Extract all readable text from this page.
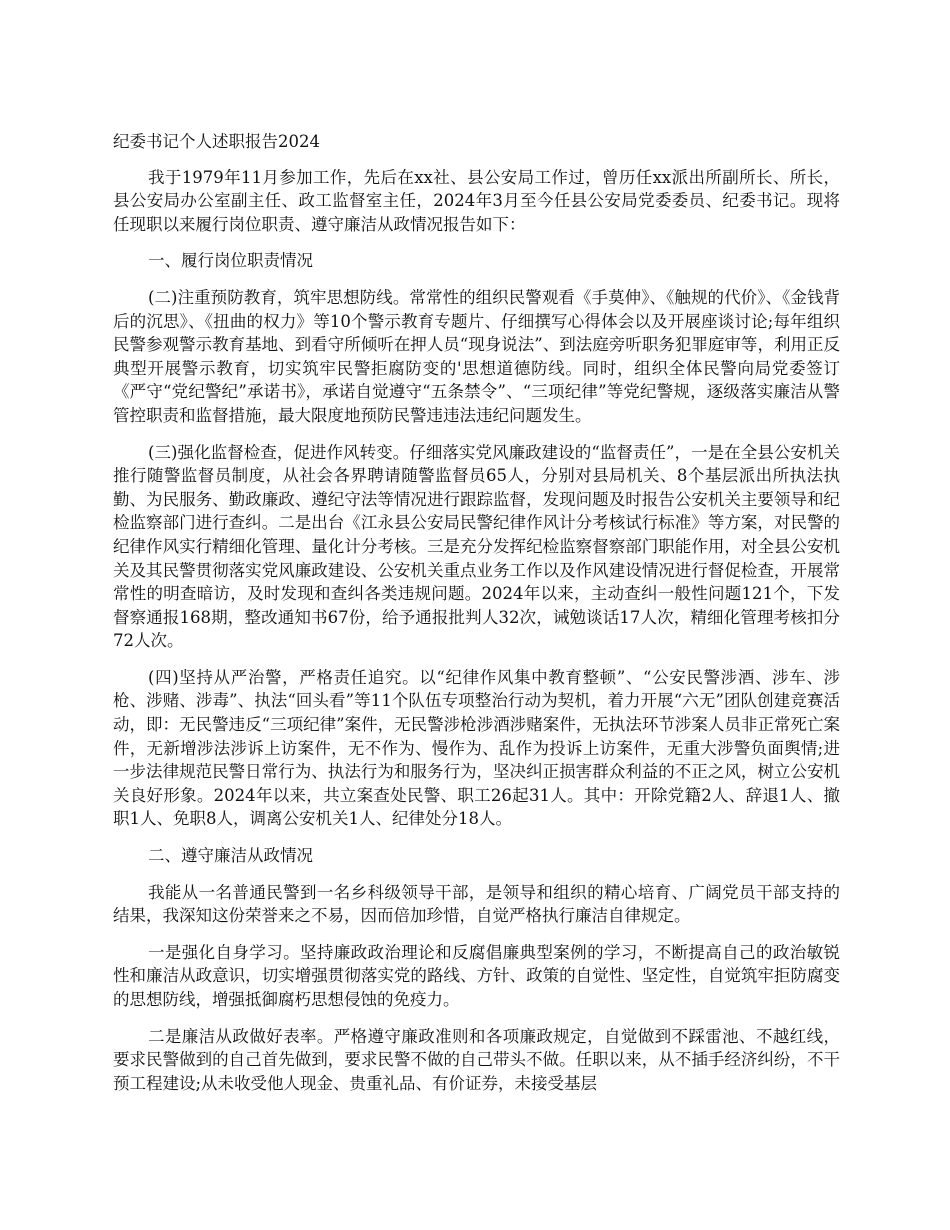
纪委书记个人述职报告2024

我于1979年11月参加工作，先后在xx社、县公安局工作过，曾历任xx派出所副所长、所长，县公安局办公室副主任、政工监督室主任，2024年3月至今任县公安局党委委员、纪委书记。现将任现职以来履行岗位职责、遵守廉洁从政情况报告如下：

一、履行岗位职责情况

(二)注重预防教育，筑牢思想防线。常常性的组织民警观看《手莫伸》、《触规的代价》、《金钱背后的沉思》、《扭曲的权力》等10个警示教育专题片、仔细撰写心得体会以及开展座谈讨论;每年组织民警参观警示教育基地、到看守所倾听在押人员“现身说法”、到法庭旁听职务犯罪庭审等，利用正反典型开展警示教育，切实筑牢民警拒腐防变的'思想道德防线。同时，组织全体民警向局党委签订《严守“党纪警纪”承诺书》，承诺自觉遵守“五条禁令”、“三项纪律”等党纪警规，逐级落实廉洁从警管控职责和监督措施，最大限度地预防民警违违法违纪问题发生。

(三)强化监督检查，促进作风转变。仔细落实党风廉政建设的“监督责任”，一是在全县公安机关推行随警监督员制度，从社会各界聘请随警监督员65人，分别对县局机关、8个基层派出所执法执勤、为民服务、勤政廉政、遵纪守法等情况进行跟踪监督，发现问题及时报告公安机关主要领导和纪检监察部门进行查纠。二是出台《江永县公安局民警纪律作风计分考核试行标准》等方案，对民警的纪律作风实行精细化管理、量化计分考核。三是充分发挥纪检监察督察部门职能作用，对全县公安机关及其民警贯彻落实党风廉政建设、公安机关重点业务工作以及作风建设情况进行督促检查，开展常常性的明查暗访，及时发现和查纠各类违规问题。2024年以来，主动查纠一般性问题121个，下发督察通报168期，整改通知书67份，给予通报批判人32次，诫勉谈话17人次，精细化管理考核扣分72人次。

(四)坚持从严治警，严格责任追究。以“纪律作风集中教育整顿”、“公安民警涉酒、涉车、涉枪、涉赌、涉毒”、执法“回头看”等11个队伍专项整治行动为契机，着力开展“六无”团队创建竞赛活动，即：无民警违反“三项纪律”案件，无民警涉枪涉酒涉赌案件，无执法环节涉案人员非正常死亡案件，无新增涉法涉诉上访案件，无不作为、慢作为、乱作为投诉上访案件，无重大涉警负面舆情;进一步法律规范民警日常行为、执法行为和服务行为，坚决纠正损害群众利益的不正之风，树立公安机关良好形象。2024年以来，共立案查处民警、职工26起31人。其中：开除党籍2人、辞退1人、撤职1人、免职8人，调离公安机关1人、纪律处分18人。

二、遵守廉洁从政情况

我能从一名普通民警到一名乡科级领导干部，是领导和组织的精心培育、广阔党员干部支持的结果，我深知这份荣誉来之不易，因而倍加珍惜，自觉严格执行廉洁自律规定。

一是强化自身学习。坚持廉政政治理论和反腐倡廉典型案例的学习，不断提高自己的政治敏锐性和廉洁从政意识，切实增强贯彻落实党的路线、方针、政策的自觉性、坚定性，自觉筑牢拒防腐变的思想防线，增强抵御腐朽思想侵蚀的免疫力。

二是廉洁从政做好表率。严格遵守廉政准则和各项廉政规定，自觉做到不踩雷池、不越红线，要求民警做到的自己首先做到，要求民警不做的自己带头不做。任职以来，从不插手经济纠纷，不干预工程建设;从未收受他人现金、贵重礼品、有价证券，未接受基层
